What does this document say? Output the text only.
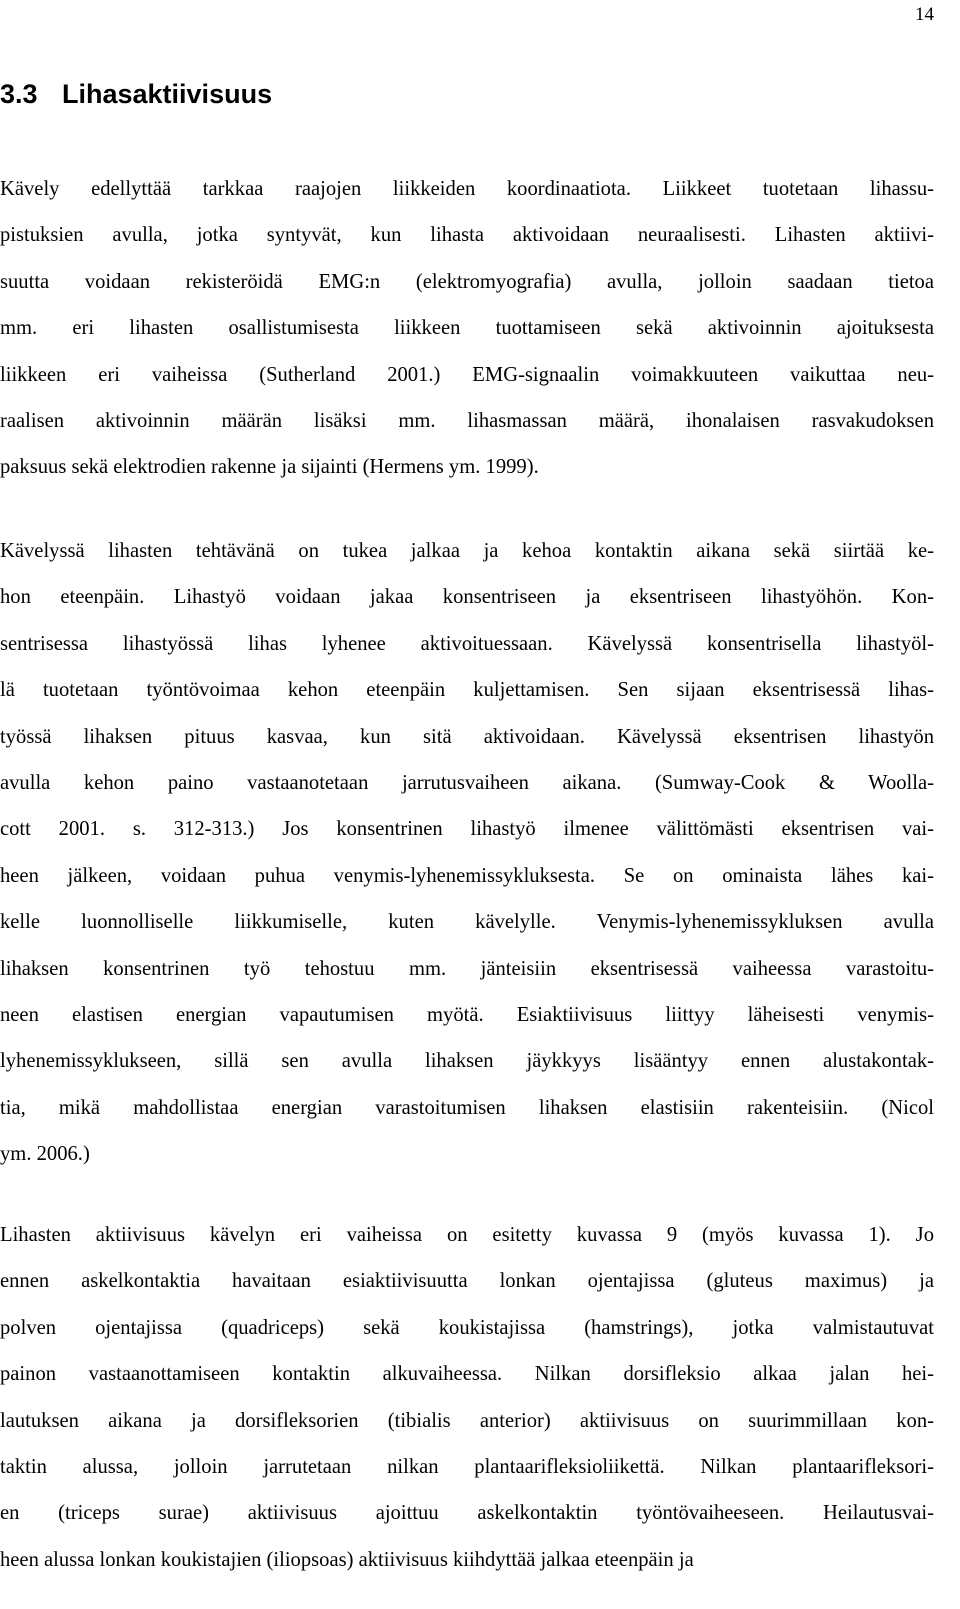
14
3.3 Lihasaktiivisuus
Kävely edellyttää tarkkaa raajojen liikkeiden koordinaatiota. Liikkeet tuotetaan lihassu-
pistuksien avulla, jotka syntyvät, kun lihasta aktivoidaan neuraalisesti. Lihasten aktiivi-
suutta voidaan rekisteröidä EMG:n (elektromyografia) avulla, jolloin saadaan tietoa
mm. eri lihasten osallistumisesta liikkeen tuottamiseen sekä aktivoinnin ajoituksesta
liikkeen eri vaiheissa (Sutherland 2001.) EMG-signaalin voimakkuuteen vaikuttaa neu-
raalisen aktivoinnin määrän lisäksi mm. lihasmassan määrä, ihonalaisen rasvakudoksen
paksuus sekä elektrodien rakenne ja sijainti (Hermens ym. 1999).
Kävelyssä lihasten tehtävänä on tukea jalkaa ja kehoa kontaktin aikana sekä siirtää ke-
hon eteenpäin. Lihastyö voidaan jakaa konsentriseen ja eksentriseen lihastyöhön. Kon-
sentrisessa lihastyössä lihas lyhenee aktivoituessaan. Kävelyssä konsentrisella lihastyöl-
lä tuotetaan työntövoimaa kehon eteenpäin kuljettamisen. Sen sijaan eksentrisessä lihas-
työssä lihaksen pituus kasvaa, kun sitä aktivoidaan. Kävelyssä eksentrisen lihastyön
avulla kehon paino vastaanotetaan jarrutusvaiheen aikana. (Sumway-Cook & Woolla-
cott 2001. s. 312-313.) Jos konsentrinen lihastyö ilmenee välittömästi eksentrisen vai-
heen jälkeen, voidaan puhua venymis-lyhenemissykluksesta. Se on ominaista lähes kai-
kelle luonnolliselle liikkumiselle, kuten kävelylle. Venymis-lyhenemissykluksen avulla
lihaksen konsentrinen työ tehostuu mm. jänteisiin eksentrisessä vaiheessa varastoitu-
neen elastisen energian vapautumisen myötä. Esiaktiivisuus liittyy läheisesti venymis-
lyhenemissyklukseen, sillä sen avulla lihaksen jäykkyys lisääntyy ennen alustakontak-
tia, mikä mahdollistaa energian varastoitumisen lihaksen elastisiin rakenteisiin. (Nicol
ym. 2006.)
Lihasten aktiivisuus kävelyn eri vaiheissa on esitetty kuvassa 9 (myös kuvassa 1). Jo
ennen askelkontaktia havaitaan esiaktiivisuutta lonkan ojentajissa (gluteus maximus) ja
polven ojentajissa (quadriceps) sekä koukistajissa (hamstrings), jotka valmistautuvat
painon vastaanottamiseen kontaktin alkuvaiheessa. Nilkan dorsifleksio alkaa jalan hei-
lautuksen aikana ja dorsifleksorien (tibialis anterior) aktiivisuus on suurimmillaan kon-
taktin alussa, jolloin jarrutetaan nilkan plantaarifleksioliikettä. Nilkan plantaarifleksori-
en (triceps surae) aktiivisuus ajoittuu askelkontaktin työntövaiheeseen. Heilautusvai-
heen alussa lonkan koukistajien (iliopsoas) aktiivisuus kiihdyttää jalkaa eteenpäin ja
